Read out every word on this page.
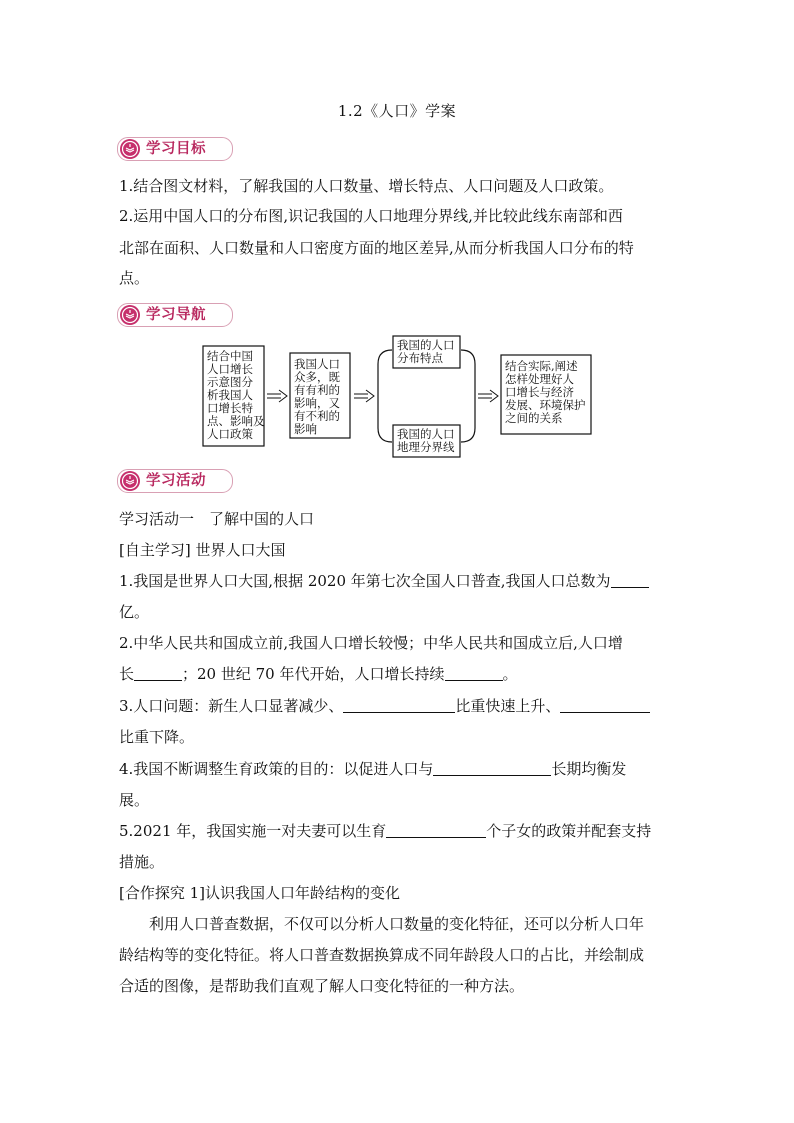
1.2《人口》学案
学习目标
1.结合图文材料，了解我国的人口数量、增长特点、人口问题及人口政策。
2.运用中国人口的分布图,识记我国的人口地理分界线,并比较此线东南部和西
北部在面积、人口数量和人口密度方面的地区差异,从而分析我国人口分布的特
点。
学习导航
结合中国
人口增长
示意图分
析我国人
口增长特
点、影响及
人口政策
我国人口
众多，既
有有利的
影响，又
有不利的
影响
我国的人口
分布特点
我国的人口
地理分界线
结合实际,阐述
怎样处理好人
口增长与经济
发展、环境保护
之间的关系
学习活动
学习活动一　了解中国的人口
[自主学习] 世界人口大国
1.我国是世界人口大国,根据 2020 年第七次全国人口普查,我国人口总数为
亿。
2.中华人民共和国成立前,我国人口增长较慢；中华人民共和国成立后,人口增
长	；20 世纪 70 年代开始，人口增长持续	。
3.人口问题：新生人口显著减少、	比重快速上升、
比重下降。
4.我国不断调整生育政策的目的：以促进人口与	长期均衡发
展。
5.2021 年，我国实施一对夫妻可以生育	个子女的政策并配套支持
措施。
[合作探究 1]认识我国人口年龄结构的变化
利用人口普查数据，不仅可以分析人口数量的变化特征，还可以分析人口年
龄结构等的变化特征。将人口普查数据换算成不同年龄段人口的占比，并绘制成
合适的图像，是帮助我们直观了解人口变化特征的一种方法。
